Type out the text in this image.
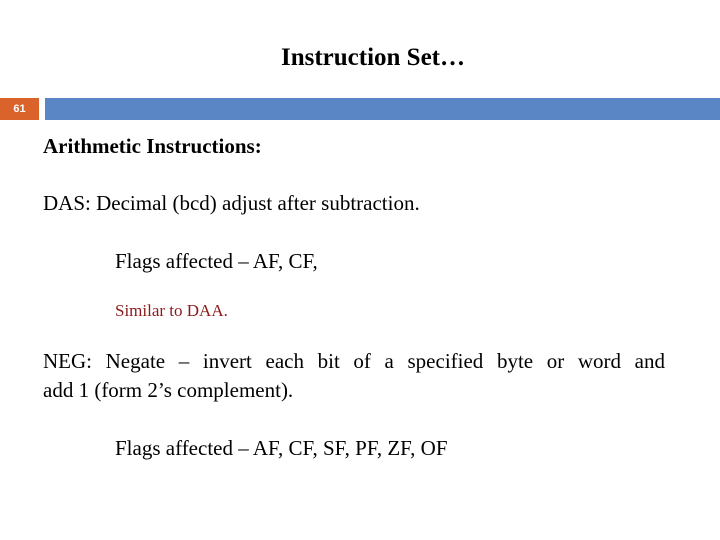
Instruction Set…
61
Arithmetic Instructions:
DAS: Decimal (bcd) adjust after subtraction.
Flags affected – AF, CF,
Similar to DAA.
NEG: Negate – invert each bit of a specified byte or word and
add 1 (form 2’s complement).
Flags affected – AF, CF, SF, PF, ZF, OF
